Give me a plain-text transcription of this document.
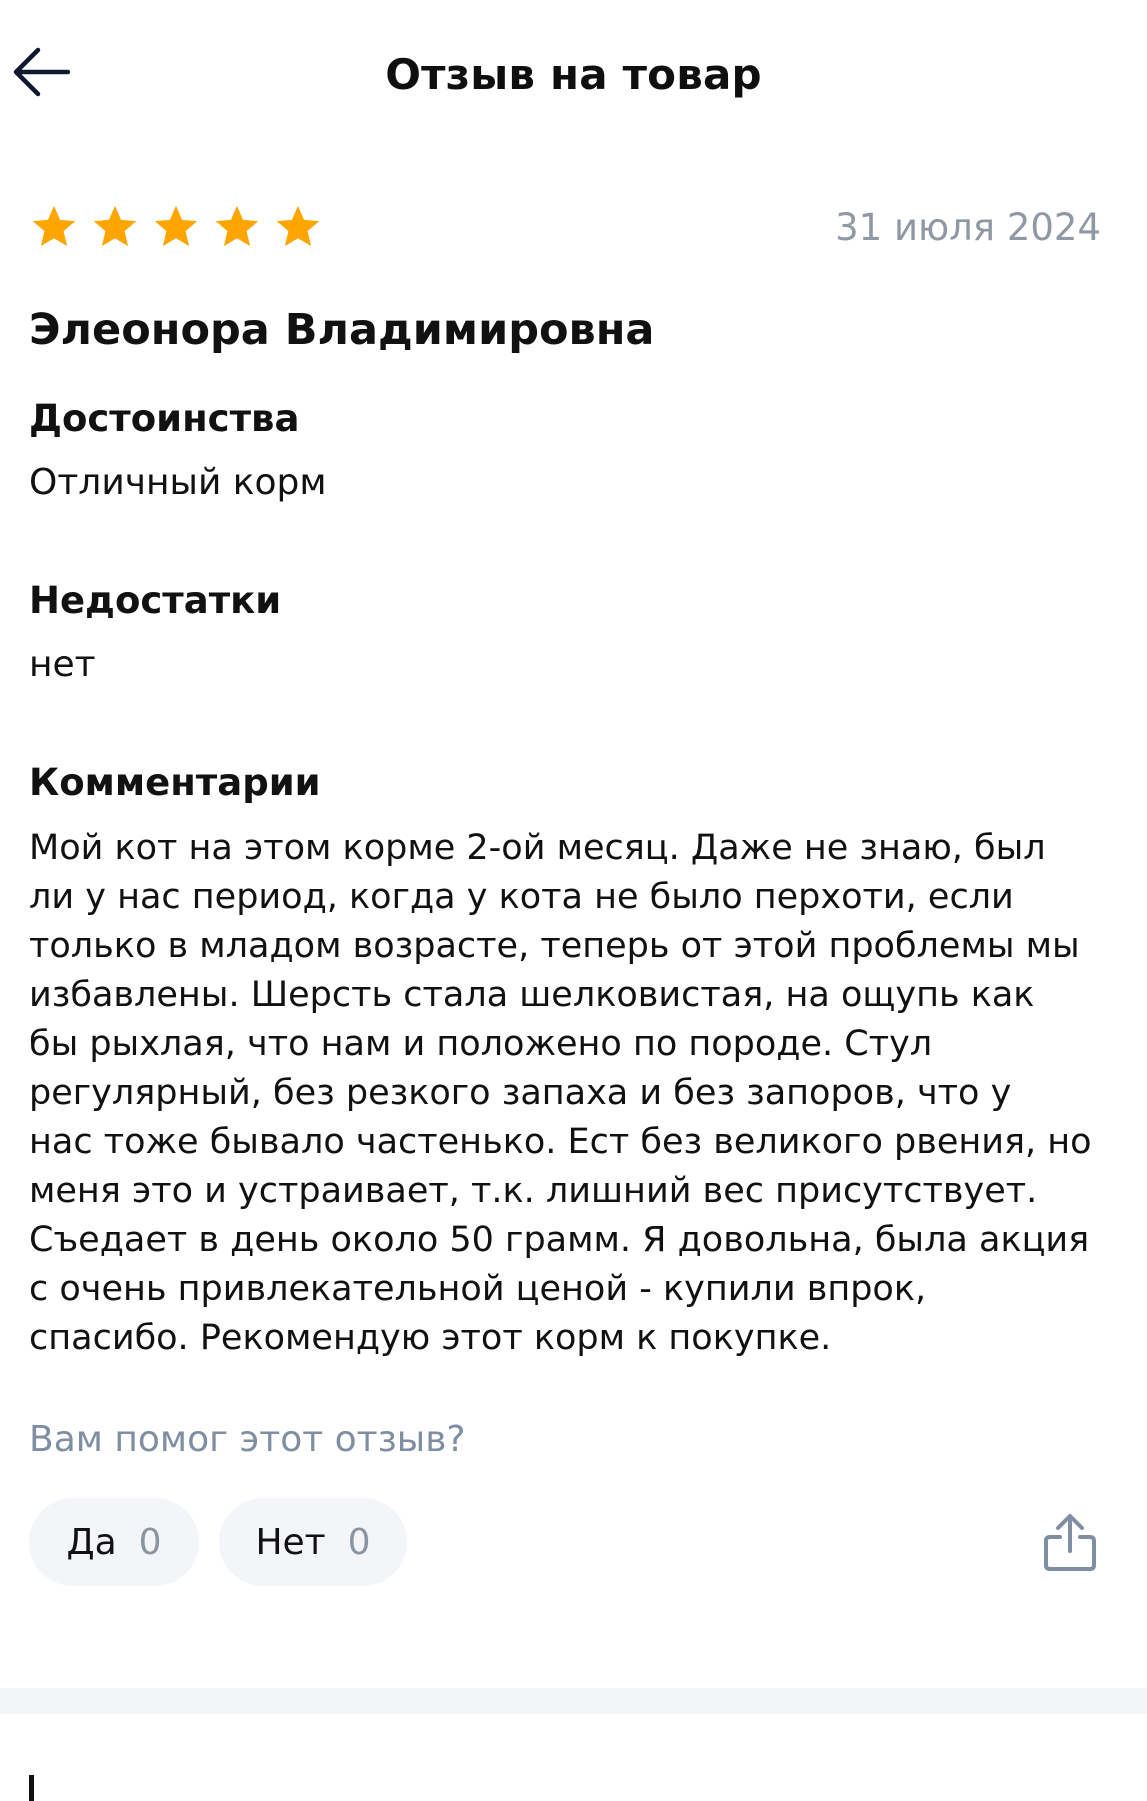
Отзыв на товар
31 июля 2024
Элеонора Владимировна
Достоинства
Отличный корм
Недостатки
нет
Комментарии
Мой кот на этом корме 2-ой месяц. Даже не знаю, был
ли у нас период, когда у кота не было перхоти, если
только в младом возрасте, теперь от этой проблемы мы
избавлены. Шерсть стала шелковистая, на ощупь как
бы рыхлая, что нам и положено по породе. Стул
регулярный, без резкого запаха и без запоров, что у
нас тоже бывало частенько. Ест без великого рвения, но
меня это и устраивает, т.к. лишний вес присутствует.
Съедает в день около 50 грамм. Я довольна, была акция
с очень привлекательной ценой - купили впрок,
спасибо. Рекомендую этот корм к покупке.
Вам помог этот отзыв?
Да 0	Нет 0
